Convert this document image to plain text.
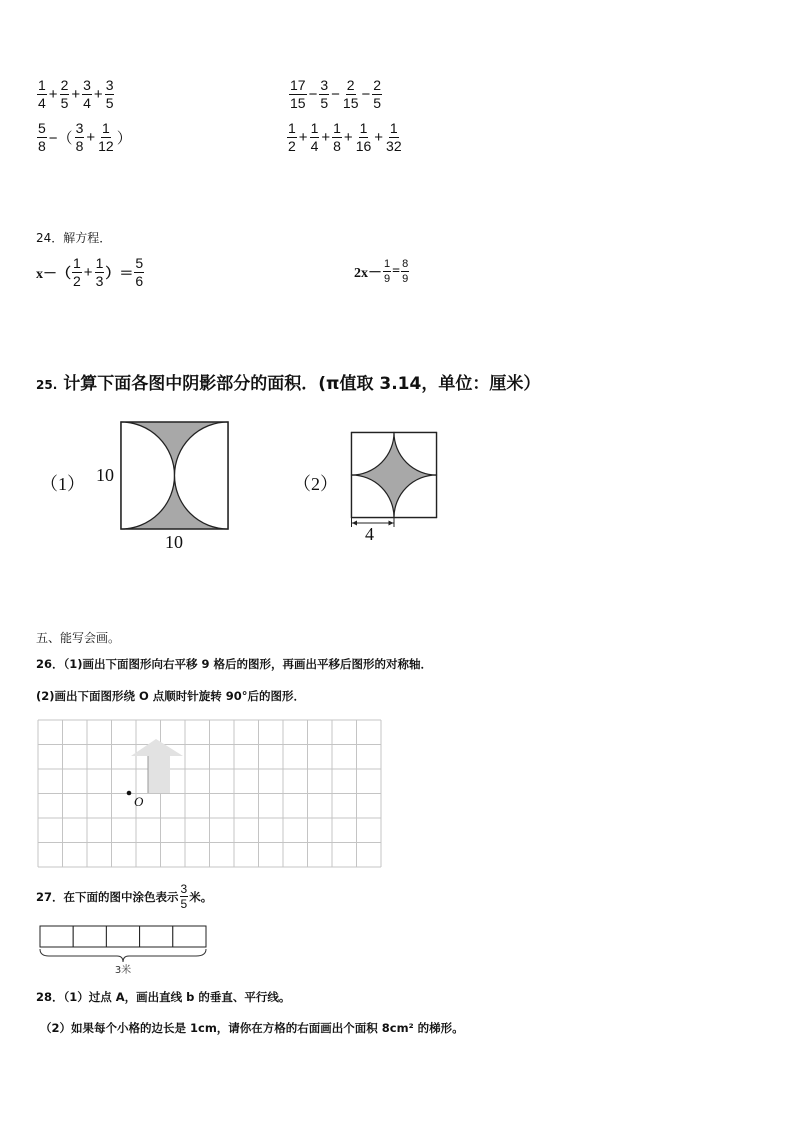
$\frac{1}{4} + \frac{2}{5} + \frac{3}{4} + \frac{3}{5}$	$\frac{17}{15} - \frac{3}{5} - \frac{2}{15} - \frac{2}{5}$
$\frac{5}{8}$ −（ $\frac{3}{8} + \frac{1}{12}$ ）	$\frac{1}{2} + \frac{1}{4} + \frac{1}{8} + \frac{1}{16} + \frac{1}{32}$
24．解方程．
$x-( \frac{1}{2} + \frac{1}{3}$ ）＝ $\frac{5}{6}$	$2x- \frac{1}{9} = \frac{8}{9}$
25. 计算下面各图中阴影部分的面积．(π值取 3.14，单位：厘米）
（1） 10
10
（2）
4
五、能写会画。
26．（1)画出下面图形向右平移 9 格后的图形，再画出平移后图形的对称轴．
(2)画出下面图形绕 O 点顺时针旋转 90°后的图形．
O
27．在下面的图中涂色表示 $\frac{3}{5}$ 米。
3米
28．（1）过点 A，画出直线 b 的垂直、平行线。
（2）如果每个小格的边长是 1cm，请你在方格的右面画出个面积 8cm² 的梯形。
